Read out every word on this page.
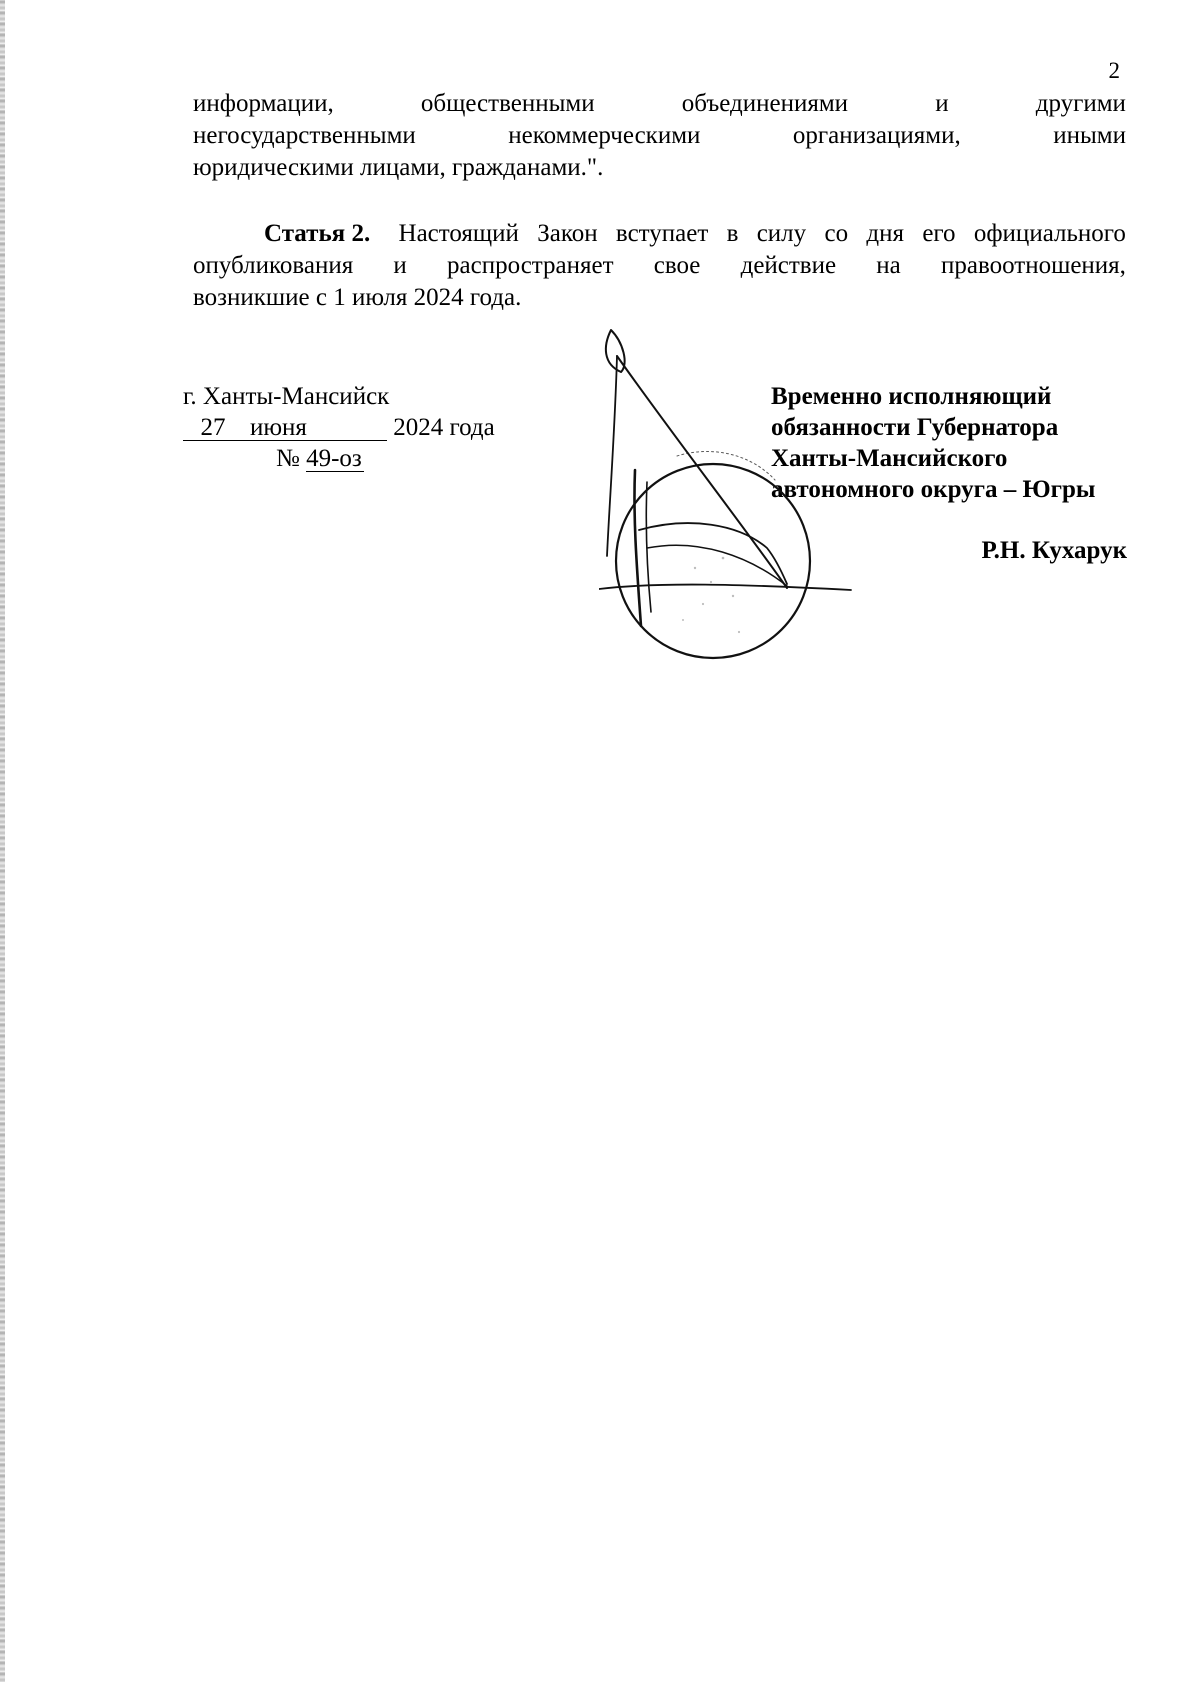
2
информации,	общественными	объединениями	и	другими
негосударственными	некоммерческими	организациями,	иными
юридическими лицами, гражданами.".
Статья 2. Настоящий Закон вступает в силу со дня его официального
опубликования и распространяет свое действие на правоотношения,
возникшие с 1 июля 2024 года.
г. Ханты-Мансийск
27 июня	2024 года
№ 49-оз
Временно исполняющий
обязанности Губернатора
Ханты-Мансийского
автономного округа – Югры
Р.Н. Кухарук
